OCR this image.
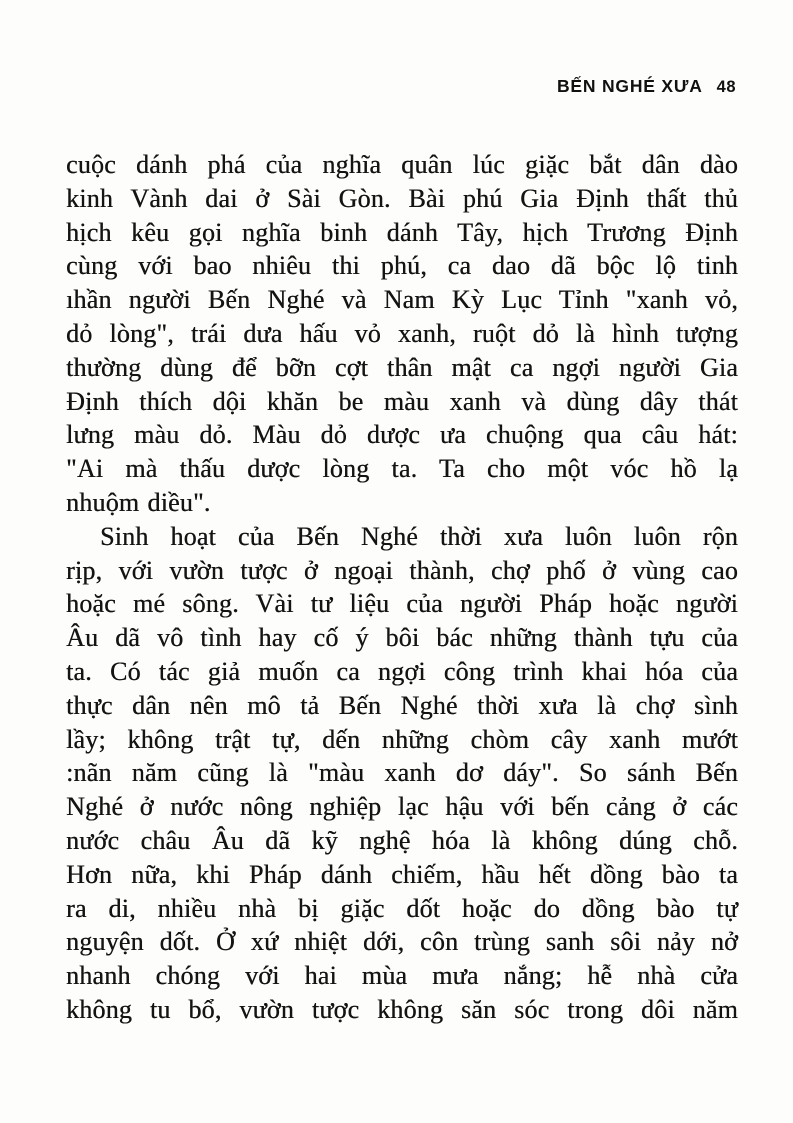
BẾN NGHÉ XƯA 48
cuộc dánh phá của nghĩa quân lúc giặc bắt dân dào
kinh Vành dai ở Sài Gòn. Bài phú Gia Định thất thủ
hịch kêu gọi nghĩa binh dánh Tây, hịch Trương Định
cùng với bao nhiêu thi phú, ca dao dã bộc lộ tinh
ıhần người Bến Nghé và Nam Kỳ Lục Tỉnh "xanh vỏ,
dỏ lòng", trái dưa hấu vỏ xanh, ruột dỏ là hình tượng
thường dùng để bỡn cợt thân mật ca ngợi người Gia
Định thích dội khăn be màu xanh và dùng dây thát
lưng màu dỏ. Màu dỏ dược ưa chuộng qua câu hát:
"Ai mà thấu dược lòng ta. Ta cho một vóc hồ lạ
nhuộm diều".
Sinh hoạt của Bến Nghé thời xưa luôn luôn rộn
rịp, với vườn tược ở ngoại thành, chợ phố ở vùng cao
hoặc mé sông. Vài tư liệu của người Pháp hoặc người
Âu dã vô tình hay cố ý bôi bác những thành tựu của
ta. Có tác giả muốn ca ngợi công trình khai hóa của
thực dân nên mô tả Bến Nghé thời xưa là chợ sình
lầy; không trật tự, dến những chòm cây xanh mướt
:nãn năm cũng là "màu xanh dơ dáy". So sánh Bến
Nghé ở nước nông nghiệp lạc hậu với bến cảng ở các
nước châu Âu dã kỹ nghệ hóa là không dúng chỗ.
Hơn nữa, khi Pháp dánh chiếm, hầu hết dồng bào ta
ra di, nhiều nhà bị giặc dốt hoặc do dồng bào tự
nguyện dốt. Ở xứ nhiệt dới, côn trùng sanh sôi nảy nở
nhanh chóng với hai mùa mưa nắng; hễ nhà cửa
không tu bổ, vườn tược không săn sóc trong dôi năm
